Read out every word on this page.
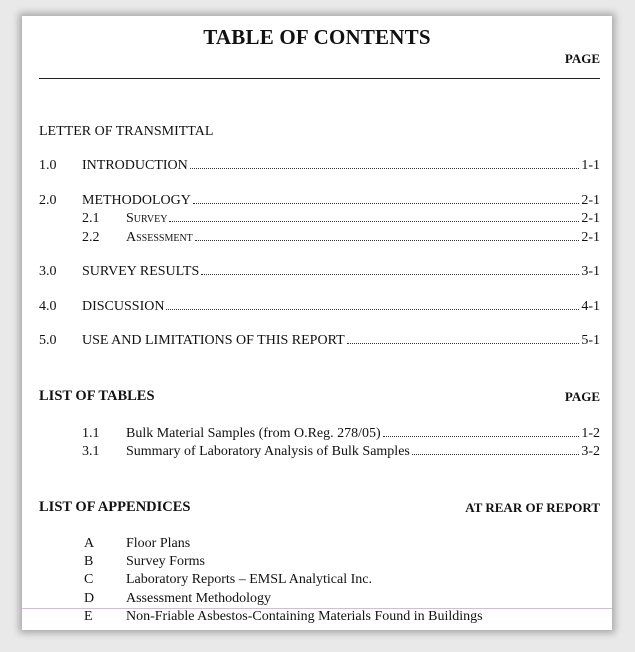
TABLE OF CONTENTS
PAGE
LETTER OF TRANSMITTAL
1.0 INTRODUCTION	1-1
2.0 METHODOLOGY	2-1
2.1 Survey	2-1
2.2 Assessment	2-1
3.0 SURVEY RESULTS	3-1
4.0 DISCUSSION	4-1
5.0 USE AND LIMITATIONS OF THIS REPORT	5-1
LIST OF TABLES	PAGE
1.1 Bulk Material Samples (from O.Reg. 278/05)	1-2
3.1 Summary of Laboratory Analysis of Bulk Samples	3-2
LIST OF APPENDICES	AT REAR OF REPORT
A Floor Plans
B Survey Forms
C Laboratory Reports – EMSL Analytical Inc.
D Assessment Methodology
E Non-Friable Asbestos-Containing Materials Found in Buildings
